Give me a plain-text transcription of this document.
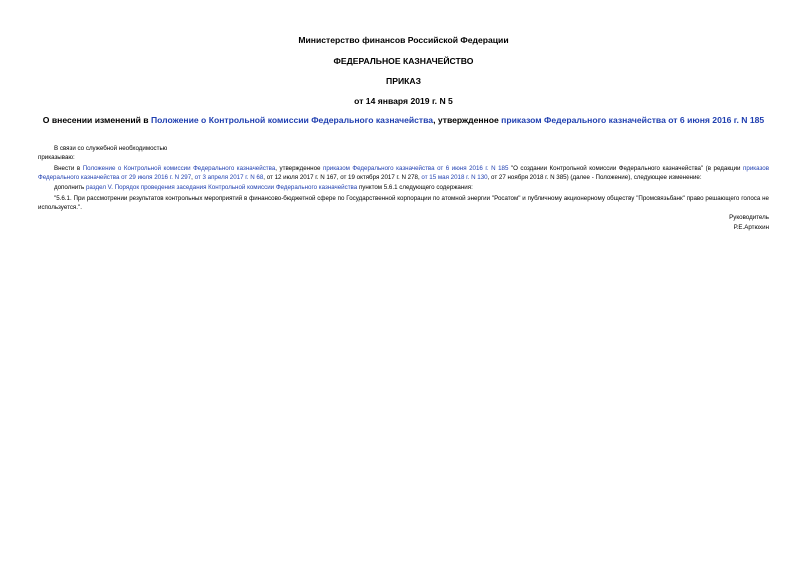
Министерство финансов Российской Федерации
ФЕДЕРАЛЬНОЕ КАЗНАЧЕЙСТВО
ПРИКАЗ
от 14 января 2019 г. N 5
О внесении изменений в Положение о Контрольной комиссии Федерального казначейства, утвержденное приказом Федерального казначейства от 6 июня 2016 г. N 185

В связи со служебной необходимостью

приказываю:

Внести в Положение о Контрольной комиссии Федерального казначейства, утвержденное приказом Федерального казначейства от 6 июня 2016 г. N 185 "О создании Контрольной комиссии Федерального казначейства" (в редакции приказов Федерального казначейства от 29 июля 2016 г. N 297, от 3 апреля 2017 г. N 68, от 12 июля 2017 г. N 167, от 19 октября 2017 г. N 278, от 15 мая 2018 г. N 130, от 27 ноября 2018 г. N 385) (далее - Положение), следующее изменение:

дополнить раздел V. Порядок проведения заседания Контрольной комиссии Федерального казначейства пунктом 5.6.1 следующего содержания:

"5.6.1. При рассмотрении результатов контрольных мероприятий в финансово-бюджетной сфере по Государственной корпорации по атомной энергии "Росатом" и публичному акционерному обществу "Промсвязьбанк" право решающего голоса не используется.".

Руководитель

Р.Е.Артюхин
